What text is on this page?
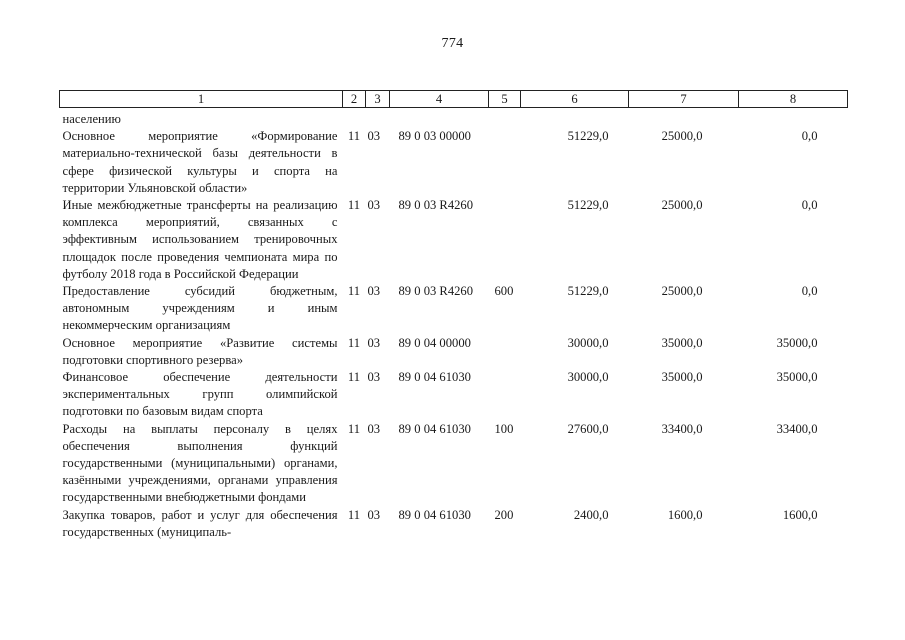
774
1	2	3	4	5	6	7	8

населению							
Основное мероприятие «Формирование материально-технической базы деятельности в сфере физической культуры и спорта на территории Ульяновской области»	11	03	89 0 03 00000		51229,0	25000,0	0,0
Иные межбюджетные трансферты на реализацию комплекса мероприятий, связанных с эффективным использованием тренировочных площадок после проведения чемпионата мира по футболу 2018 года в Российской Федерации	11	03	89 0 03 R4260		51229,0	25000,0	0,0
Предоставление субсидий бюджетным, автономным учреждениям и иным некоммерческим организациям	11	03	89 0 03 R4260	600	51229,0	25000,0	0,0
Основное мероприятие «Развитие системы подготовки спортивного резерва»	11	03	89 0 04 00000		30000,0	35000,0	35000,0
Финансовое обеспечение деятельности экспериментальных групп олимпийской подготовки по базовым видам спорта	11	03	89 0 04 61030		30000,0	35000,0	35000,0
Расходы на выплаты персоналу в целях обеспечения выполнения функций государственными (муниципальными) органами, казёнными учреждениями, органами управления государственными внебюджетными фондами	11	03	89 0 04 61030	100	27600,0	33400,0	33400,0
Закупка товаров, работ и услуг для обеспечения государственных (муниципаль-	11	03	89 0 04 61030	200	2400,0	1600,0	1600,0
